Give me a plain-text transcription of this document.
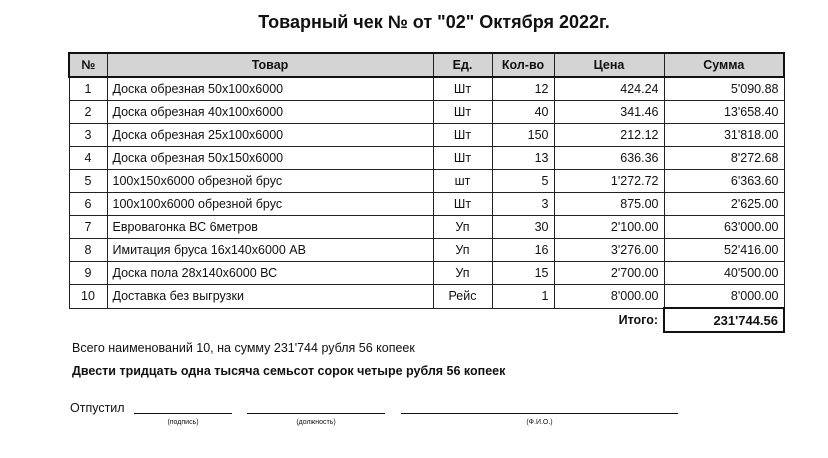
Товарный чек № от "02" Октября 2022г.
№	Товар	Ед.	Кол-во	Цена	Сумма
1	Доска обрезная 50х100х6000	Шт	12	424.24	5'090.88
2	Доска обрезная 40х100х6000	Шт	40	341.46	13'658.40
3	Доска обрезная 25х100х6000	Шт	150	212.12	31'818.00
4	Доска обрезная 50х150х6000	Шт	13	636.36	8'272.68
5	100х150х6000 обрезной брус	шт	5	1'272.72	6'363.60
6	100х100х6000 обрезной брус	Шт	3	875.00	2'625.00
7	Евровагонка ВС 6метров	Уп	30	2'100.00	63'000.00
8	Имитация бруса 16х140х6000 АВ	Уп	16	3'276.00	52'416.00
9	Доска пола 28х140х6000 ВС	Уп	15	2'700.00	40'500.00
10	Доставка без выгрузки	Рейс	1	8'000.00	8'000.00
Итого:					231'744.56
Всего наименований 10, на сумму 231'744 рубля 56 копеек
Двести тридцать одна тысяча семьсот сорок четыре рубля 56 копеек
Отпустил
(подпись)	(должность)	(Ф.И.О.)
